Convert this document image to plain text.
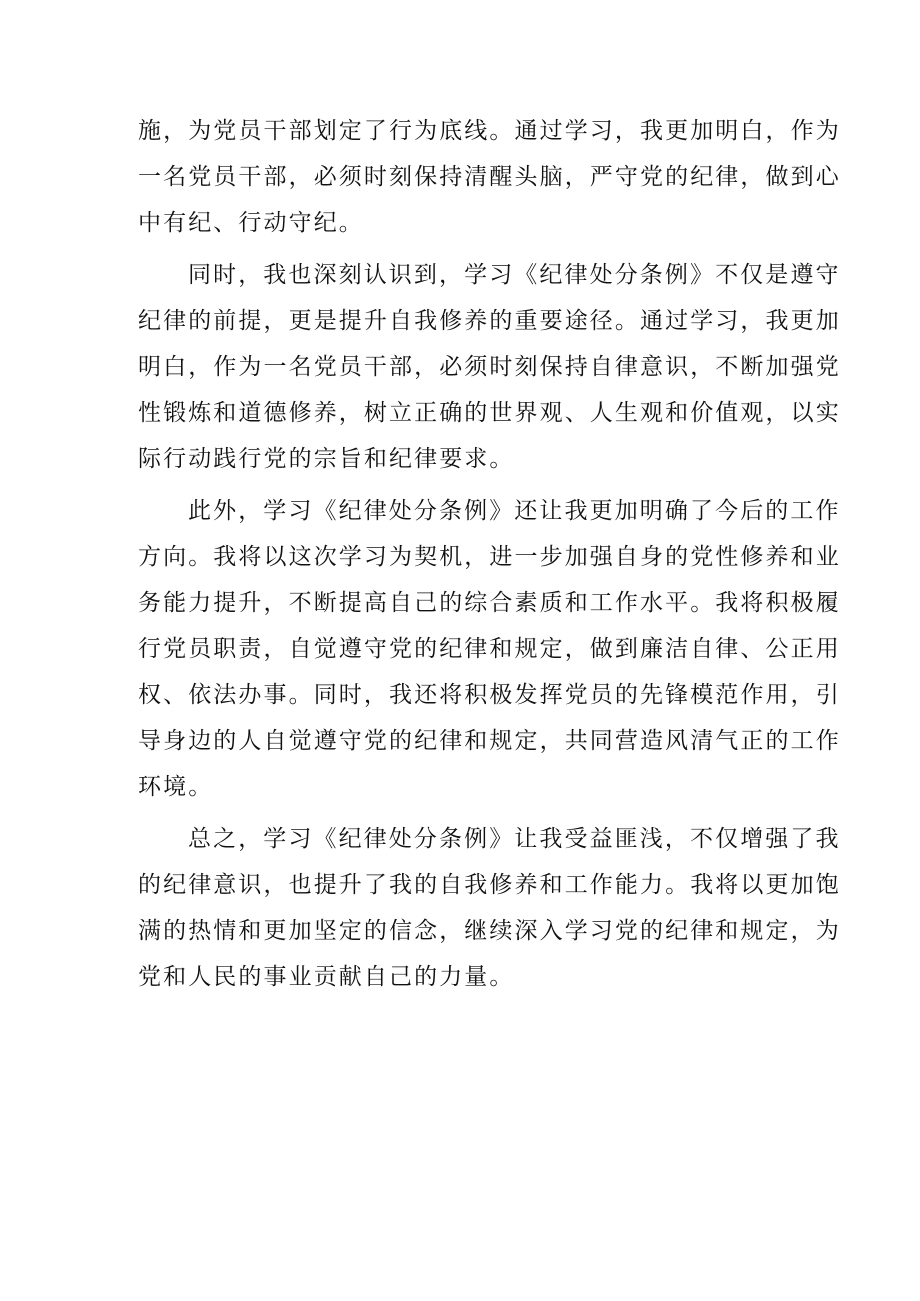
施，为党员干部划定了行为底线。通过学习，我更加明白，作为
一名党员干部，必须时刻保持清醒头脑，严守党的纪律，做到心
中有纪、行动守纪。
同时，我也深刻认识到，学习《纪律处分条例》不仅是遵守
纪律的前提，更是提升自我修养的重要途径。通过学习，我更加
明白，作为一名党员干部，必须时刻保持自律意识，不断加强党
性锻炼和道德修养，树立正确的世界观、人生观和价值观，以实
际行动践行党的宗旨和纪律要求。
此外，学习《纪律处分条例》还让我更加明确了今后的工作
方向。我将以这次学习为契机，进一步加强自身的党性修养和业
务能力提升，不断提高自己的综合素质和工作水平。我将积极履
行党员职责，自觉遵守党的纪律和规定，做到廉洁自律、公正用
权、依法办事。同时，我还将积极发挥党员的先锋模范作用，引
导身边的人自觉遵守党的纪律和规定，共同营造风清气正的工作
环境。
总之，学习《纪律处分条例》让我受益匪浅，不仅增强了我
的纪律意识，也提升了我的自我修养和工作能力。我将以更加饱
满的热情和更加坚定的信念，继续深入学习党的纪律和规定，为
党和人民的事业贡献自己的力量。
